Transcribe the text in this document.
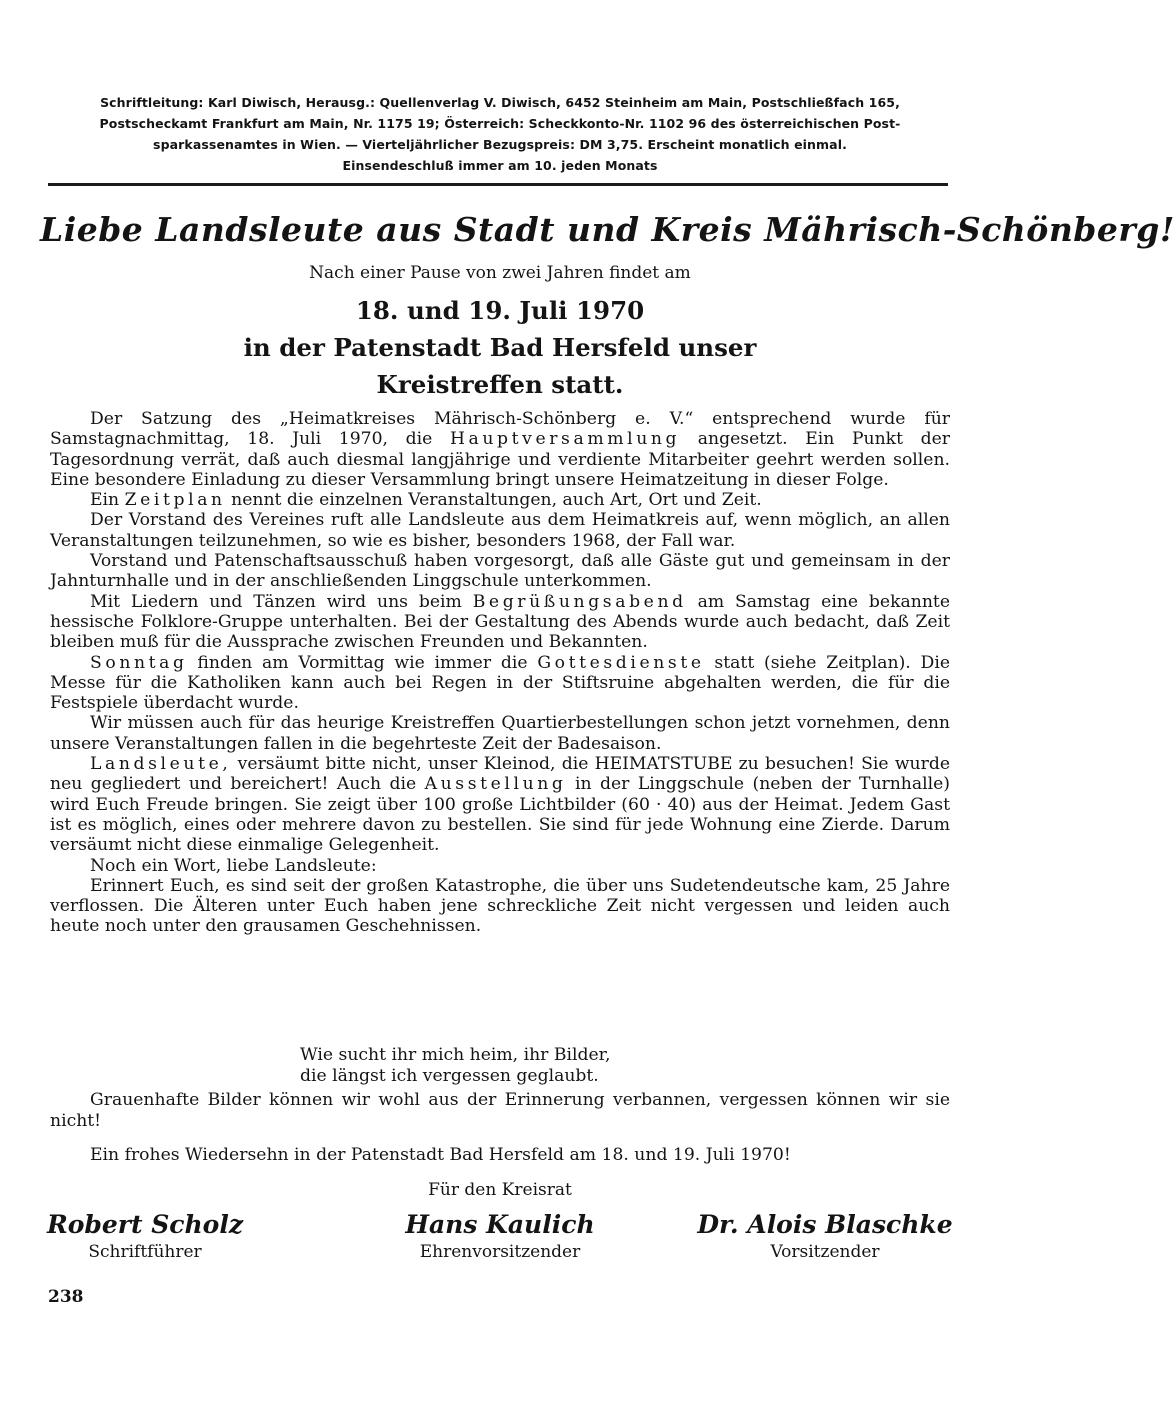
Schriftleitung: Karl Diwisch, Herausg.: Quellenverlag V. Diwisch, 6452 Steinheim am Main, Postschließfach 165,
Postscheckamt Frankfurt am Main, Nr. 1175 19; Österreich: Scheckkonto-Nr. 1102 96 des österreichischen Post-
sparkassenamtes in Wien. — Vierteljährlicher Bezugspreis: DM 3,75. Erscheint monatlich einmal.
Einsendeschluß immer am 10. jeden Monats
Liebe Landsleute aus Stadt und Kreis Mährisch-Schönberg!
Nach einer Pause von zwei Jahren findet am
18. und 19. Juli 1970
in der Patenstadt Bad Hersfeld unser
Kreistreffen statt.

Der Satzung des „Heimatkreises Mährisch-Schönberg e. V.“ entsprechend wurde für Samstagnachmittag, 18. Juli 1970, die Hauptversammlung angesetzt. Ein Punkt der Tagesordnung verrät, daß auch diesmal langjährige und verdiente Mitarbeiter geehrt werden sollen. Eine besondere Einladung zu dieser Versammlung bringt unsere Heimatzeitung in dieser Folge.

Ein Zeitplan nennt die einzelnen Veranstaltungen, auch Art, Ort und Zeit.

Der Vorstand des Vereines ruft alle Landsleute aus dem Heimatkreis auf, wenn möglich, an allen Veranstaltungen teilzunehmen, so wie es bisher, besonders 1968, der Fall war.

Vorstand und Patenschaftsausschuß haben vorgesorgt, daß alle Gäste gut und gemeinsam in der Jahnturnhalle und in der anschließenden Linggschule unterkommen.

Mit Liedern und Tänzen wird uns beim Begrüßungsabend am Samstag eine bekannte hessische Folklore-Gruppe unterhalten. Bei der Gestaltung des Abends wurde auch bedacht, daß Zeit bleiben muß für die Aussprache zwischen Freunden und Bekannten.

Sonntag finden am Vormittag wie immer die Gottesdienste statt (siehe Zeitplan). Die Messe für die Katholiken kann auch bei Regen in der Stiftsruine abgehalten werden, die für die Festspiele überdacht wurde.

Wir müssen auch für das heurige Kreistreffen Quartierbestellungen schon jetzt vornehmen, denn unsere Veranstaltungen fallen in die begehrteste Zeit der Badesaison.

Landsleute, versäumt bitte nicht, unser Kleinod, die HEIMATSTUBE zu besuchen! Sie wurde neu gegliedert und bereichert! Auch die Ausstellung in der Linggschule (neben der Turnhalle) wird Euch Freude bringen. Sie zeigt über 100 große Lichtbilder (60 · 40) aus der Heimat. Jedem Gast ist es möglich, eines oder mehrere davon zu bestellen. Sie sind für jede Wohnung eine Zierde. Darum versäumt nicht diese einmalige Gelegenheit.

Noch ein Wort, liebe Landsleute:

Erinnert Euch, es sind seit der großen Katastrophe, die über uns Sudetendeutsche kam, 25 Jahre verflossen. Die Älteren unter Euch haben jene schreckliche Zeit nicht vergessen und leiden auch heute noch unter den grausamen Geschehnissen.

Wie sucht ihr mich heim, ihr Bilder,
die längst ich vergessen geglaubt.

Grauenhafte Bilder können wir wohl aus der Erinnerung verbannen, vergessen können wir sie nicht!

Ein frohes Wiedersehn in der Patenstadt Bad Hersfeld am 18. und 19. Juli 1970!

Für den Kreisrat
Robert Scholz
Schriftführer
Hans Kaulich
Ehrenvorsitzender
Dr. Alois Blaschke
Vorsitzender
238
